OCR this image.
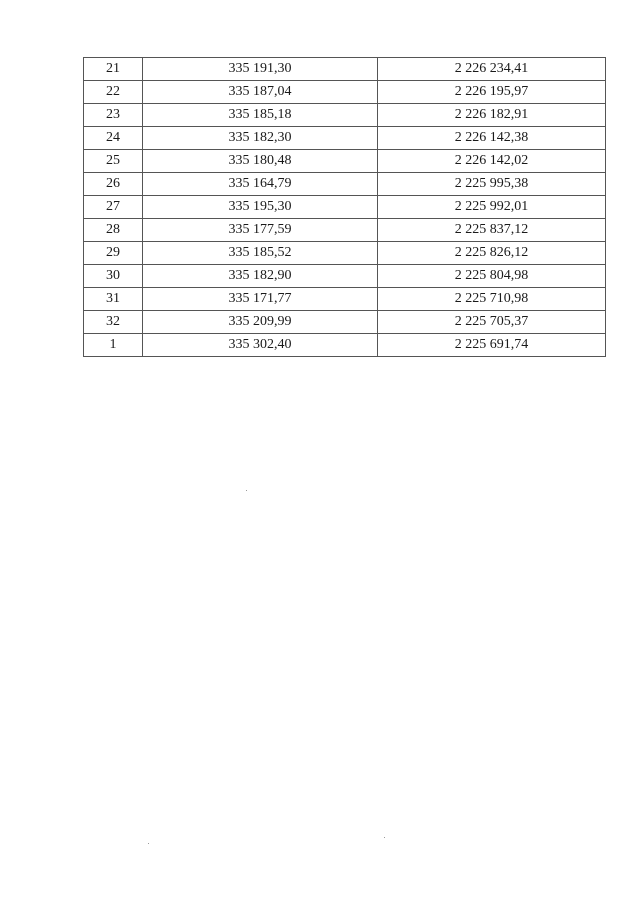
21	335 191,30	2 226 234,41
22	335 187,04	2 226 195,97
23	335 185,18	2 226 182,91
24	335 182,30	2 226 142,38
25	335 180,48	2 226 142,02
26	335 164,79	2 225 995,38
27	335 195,30	2 225 992,01
28	335 177,59	2 225 837,12
29	335 185,52	2 225 826,12
30	335 182,90	2 225 804,98
31	335 171,77	2 225 710,98
32	335 209,99	2 225 705,37
1	335 302,40	2 225 691,74
